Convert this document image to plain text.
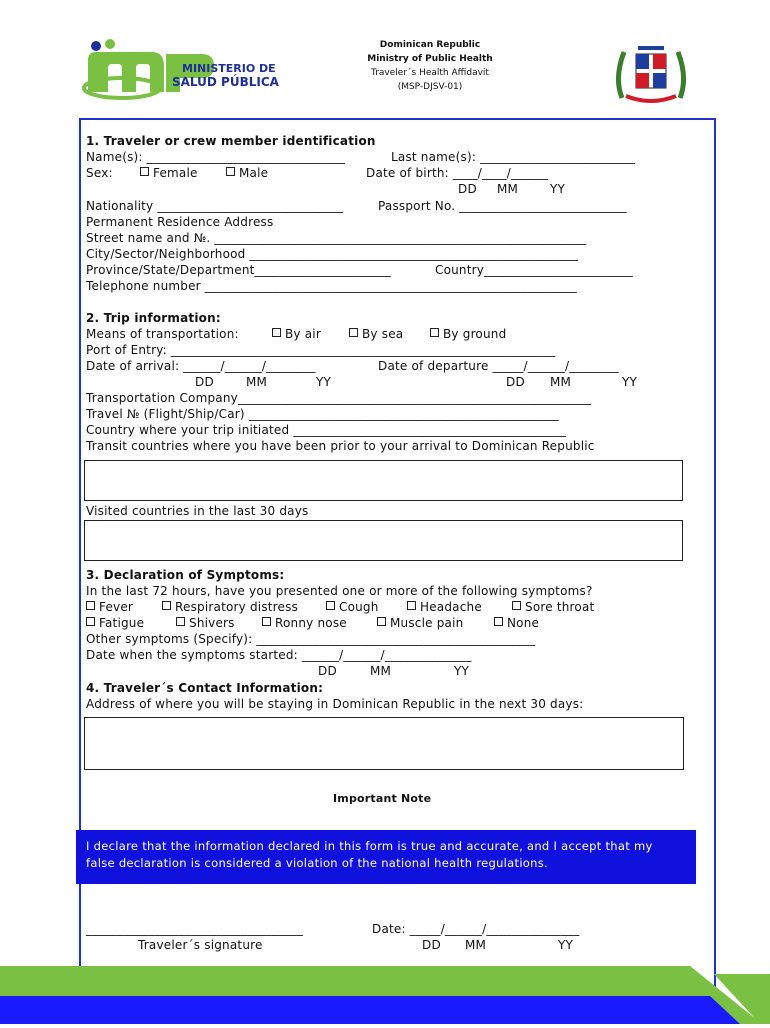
MINISTERIO DE
SALUD PÚBLICA
Dominican Republic
Ministry of Public Health
Traveler´s Health Affidavit
(MSP-DJSV-01)
1. Traveler or crew member identification
Name(s): ________________________________	Last name(s): _________________________
Sex:	Female	Male	Date of birth: ____/____/______
DD MM	YY
Nationality ______________________________	Passport No. ___________________________
Permanent Residence Address
Street name and №. ____________________________________________________________
City/Sector/Neighborhood _____________________________________________________
Province/State/Department______________________	Country________________________
Telephone number ____________________________________________________________
2. Trip information:
Means of transportation:	By air	By sea	By ground
Port of Entry: ______________________________________________________________
Date of arrival: ______/______/________	Date of departure _____/______/________
DD	MM	YY	DD MM	YY
Transportation Company_________________________________________________________
Travel № (Flight/Ship/Car) __________________________________________________
Country where your trip initiated ____________________________________________
Transit countries where you have been prior to your arrival to Dominican Republic
Visited countries in the last 30 days
3. Declaration of Symptoms:
In the last 72 hours, have you presented one or more of the following symptoms?
Fever	Respiratory distress	Cough	Headache	Sore throat
Fatigue	Shivers	Ronny nose	Muscle pain	None
Other symptoms (Specify): _____________________________________________
Date when the symptoms started: ______/______/______________
DD	MM	YY
4. Traveler´s Contact Information:
Address of where you will be staying in Dominican Republic in the next 30 days:
Important Note
I declare that the information declared in this form is true and accurate, and I accept that my
false declaration is considered a violation of the national health regulations.
___________________________________
Traveler´s signature
Date: _____/______/_______________
DD MM	YY
